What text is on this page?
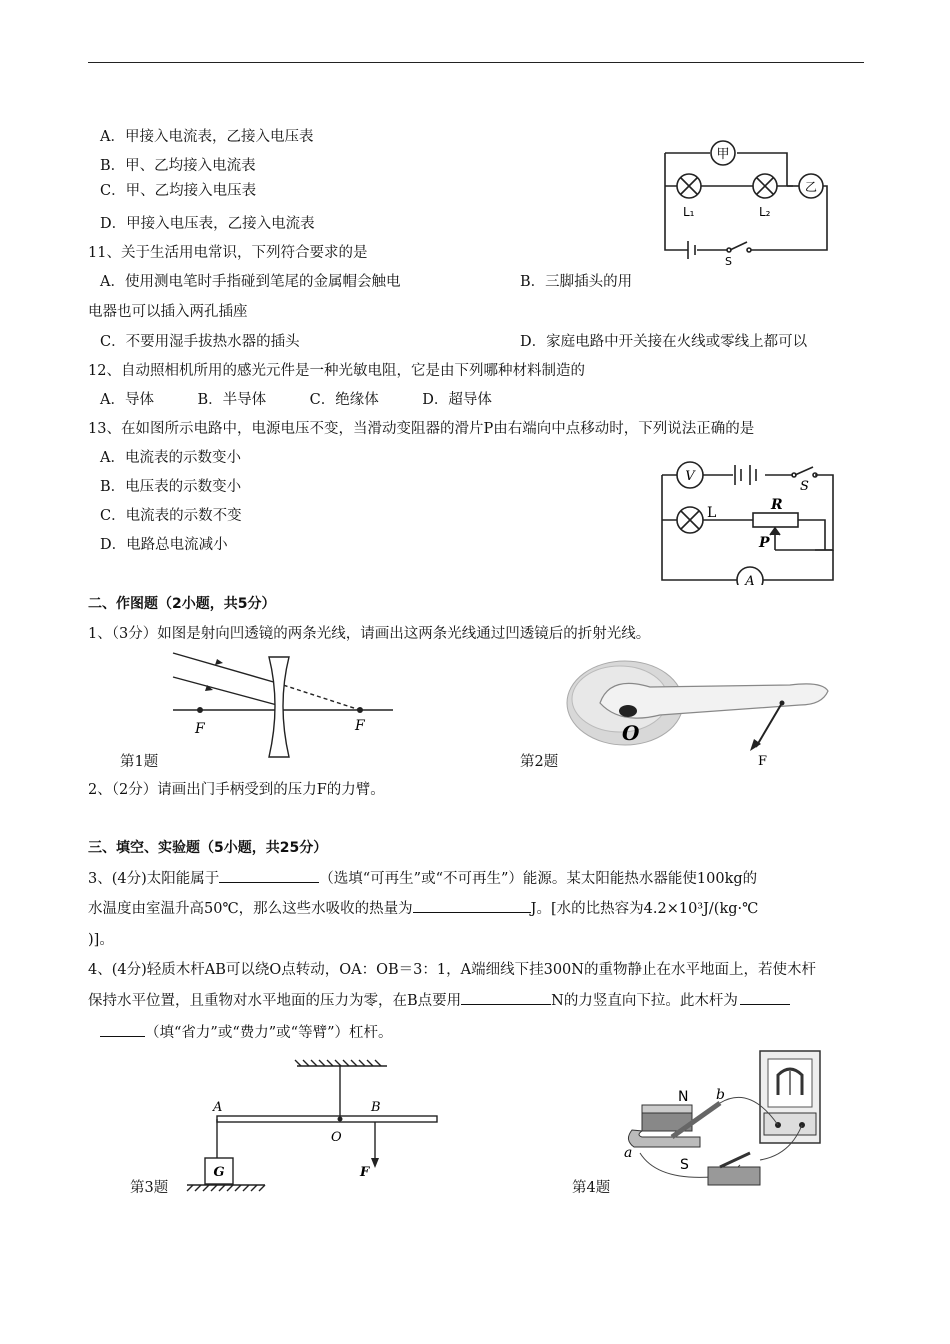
A．甲接入电流表，乙接入电压表
B．甲、乙均接入电流表
C．甲、乙均接入电压表
D．甲接入电压表，乙接入电流表
甲
乙
L₁	L₂
S
11、关于生活用电常识，下列符合要求的是
A．使用测电笔时手指碰到笔尾的金属帽会触电	B．三脚插头的用
电器也可以插入两孔插座
C．不要用湿手拔热水器的插头	D．家庭电路中开关接在火线或零线上都可以
12、自动照相机所用的感光元件是一种光敏电阻，它是由下列哪种材料制造的
A．导体　　　B．半导体　　　C．绝缘体　　　D．超导体
13、在如图所示电路中，电源电压不变，当滑动变阻器的滑片P由右端向中点移动时，下列说法正确的是
A．电流表的示数变小
B．电压表的示数变小
C．电流表的示数不变
D．电路总电流减小
V
L	R
P
A
S
二、作图题（2小题，共5分）
1、（3分）如图是射向凹透镜的两条光线，请画出这两条光线通过凹透镜后的折射光线。
F	F	O
F
第1题	第2题
2、（2分）请画出门手柄受到的压力F的力臂。
三、填空、实验题（5小题，共25分）
3、(4分)太阳能属于	（选填“可再生”或“不可再生”）能源。某太阳能热水器能使100kg的
水温度由室温升高50℃，那么这些水吸收的热量为	J。[水的比热容为4.2×10³J/(kg·℃
)]。
4、(4分)轻质木杆AB可以绕O点转动，OA：OB＝3：1，A端细线下挂300N的重物静止在水平地面上，若使木杆
保持水平位置，且重物对水平地面的压力为零，在B点要用	N的力竖直向下拉。此木杆为
（填“省力”或“费力”或“等臂”）杠杆。
A
O
B
F
G
N b
a
S
第3题	第4题
